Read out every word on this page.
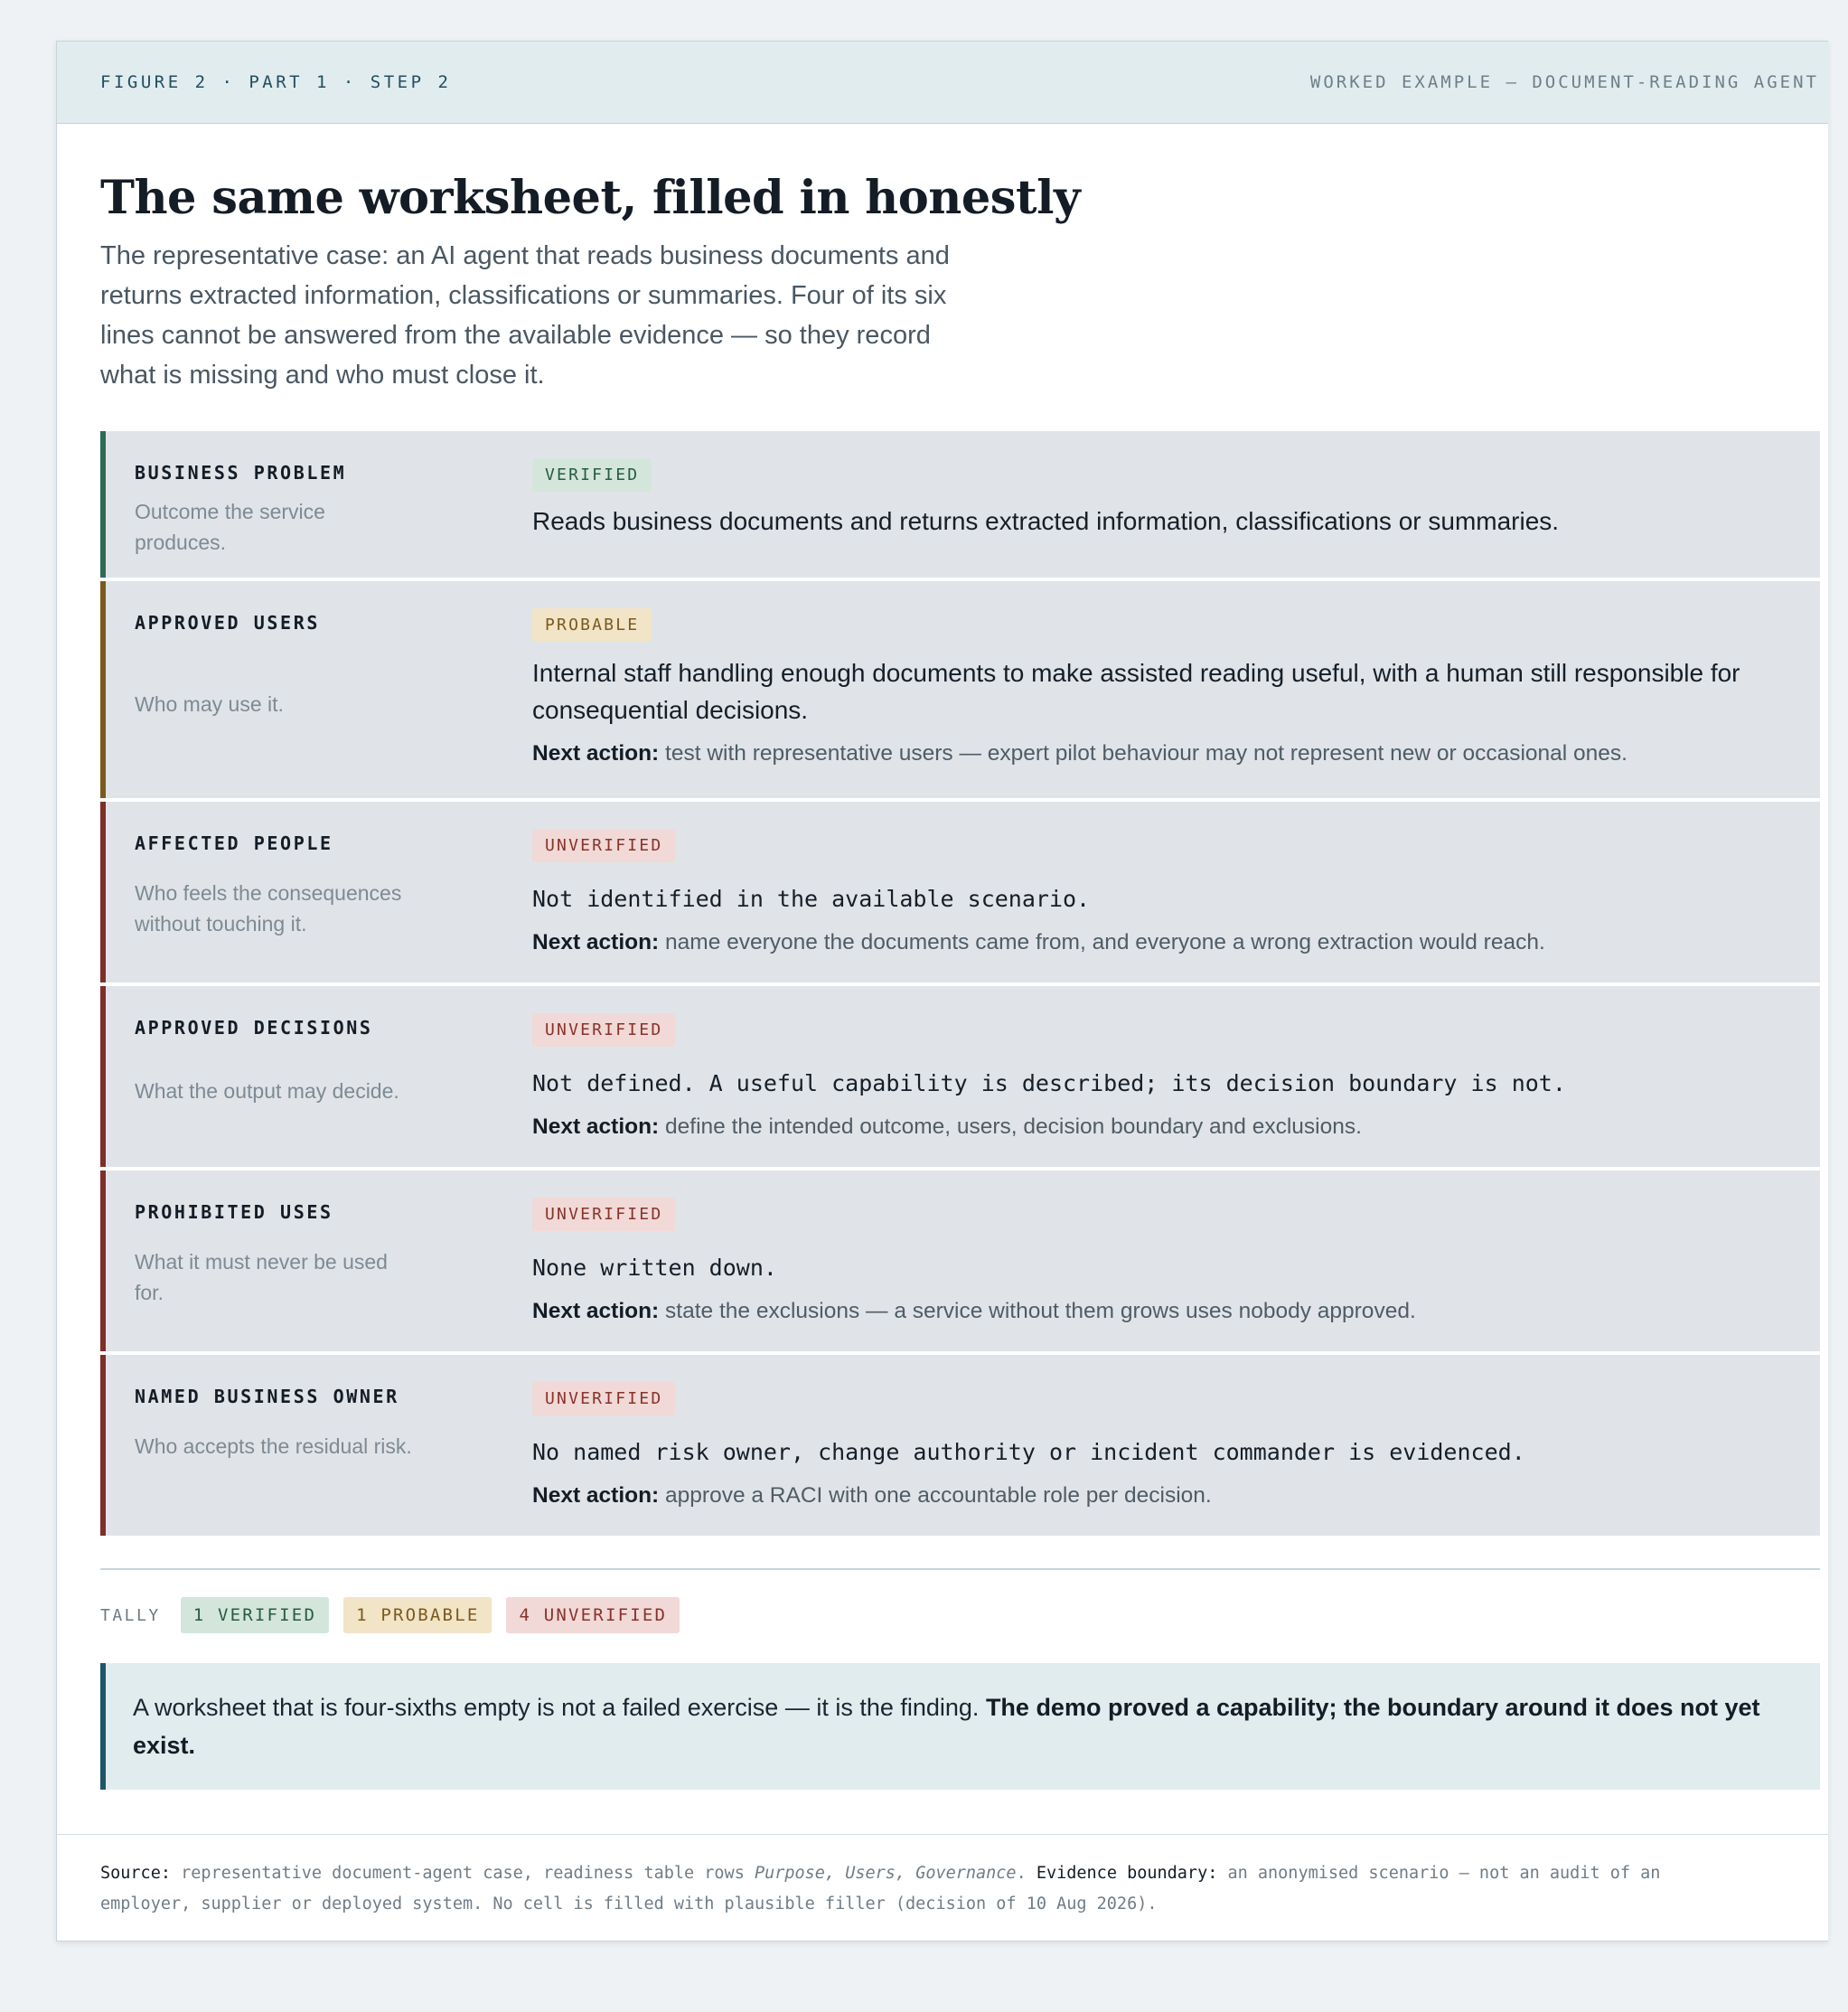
FIGURE 2 · PART 1 · STEP 2	WORKED EXAMPLE — DOCUMENT-READING AGENT
The same worksheet, filled in honestly

The representative case: an AI agent that reads business documents and returns extracted information, classifications or summaries. Four of its six lines cannot be answered from the available evidence — so they record what is missing and who must close it.

BUSINESS PROBLEM
Outcome the service produces.
VERIFIED
Reads business documents and returns extracted information, classifications or summaries.
APPROVED USERS
Who may use it.
PROBABLE
Internal staff handling enough documents to make assisted reading useful, with a human still responsible for consequential decisions.
Next action: test with representative users — expert pilot behaviour may not represent new or occasional ones.
AFFECTED PEOPLE
Who feels the consequences without touching it.
UNVERIFIED
Not identified in the available scenario.
Next action: name everyone the documents came from, and everyone a wrong extraction would reach.
APPROVED DECISIONS
What the output may decide.
UNVERIFIED
Not defined. A useful capability is described; its decision boundary is not.
Next action: define the intended outcome, users, decision boundary and exclusions.
PROHIBITED USES
What it must never be used for.
UNVERIFIED
None written down.
Next action: state the exclusions — a service without them grows uses nobody approved.
NAMED BUSINESS OWNER
Who accepts the residual risk.
UNVERIFIED
No named risk owner, change authority or incident commander is evidenced.
Next action: approve a RACI with one accountable role per decision.
TALLY	1 VERIFIED	1 PROBABLE	4 UNVERIFIED
A worksheet that is four-sixths empty is not a failed exercise — it is the finding. The demo proved a capability; the boundary around it does not yet exist.
Source: representative document-agent case, readiness table rows Purpose, Users, Governance. Evidence boundary: an anonymised scenario — not an audit of an employer, supplier or deployed system. No cell is filled with plausible filler (decision of 10 Aug 2026).
